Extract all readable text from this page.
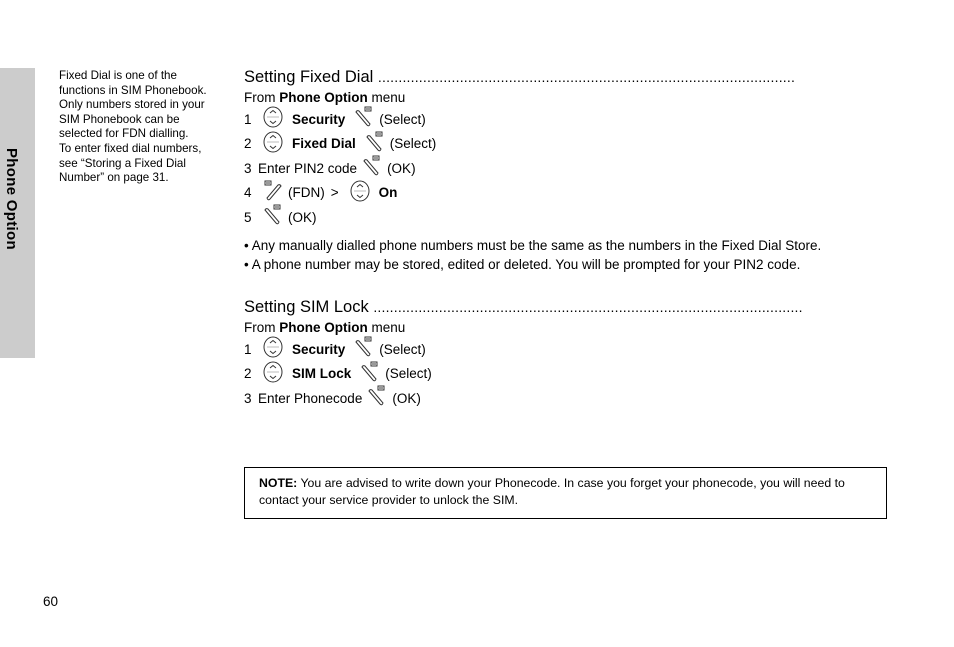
Phone Option
Fixed Dial is one of the
functions in SIM Phonebook.
Only numbers stored in your
SIM Phonebook can be
selected for FDN dialling.
To enter fixed dial numbers,
see “Storing a Fixed Dial
Number” on page 31.
Setting Fixed Dial ......................................................................................................
From Phone Option menu
1	Security	(Select)
2	Fixed Dial	(Select)
3 Enter PIN2 code (OK)
4	(FDN) >	On
5	(OK)
• Any manually dialled phone numbers must be the same as the numbers in the Fixed Dial Store.
• A phone number may be stored, edited or deleted. You will be prompted for your PIN2 code.
Setting SIM Lock .........................................................................................................
From Phone Option menu
1	Security	(Select)
2	SIM Lock	(Select)
3 Enter Phonecode (OK)
NOTE: You are advised to write down your Phonecode. In case you forget your phonecode, you will need to contact your service provider to unlock the SIM.
60
